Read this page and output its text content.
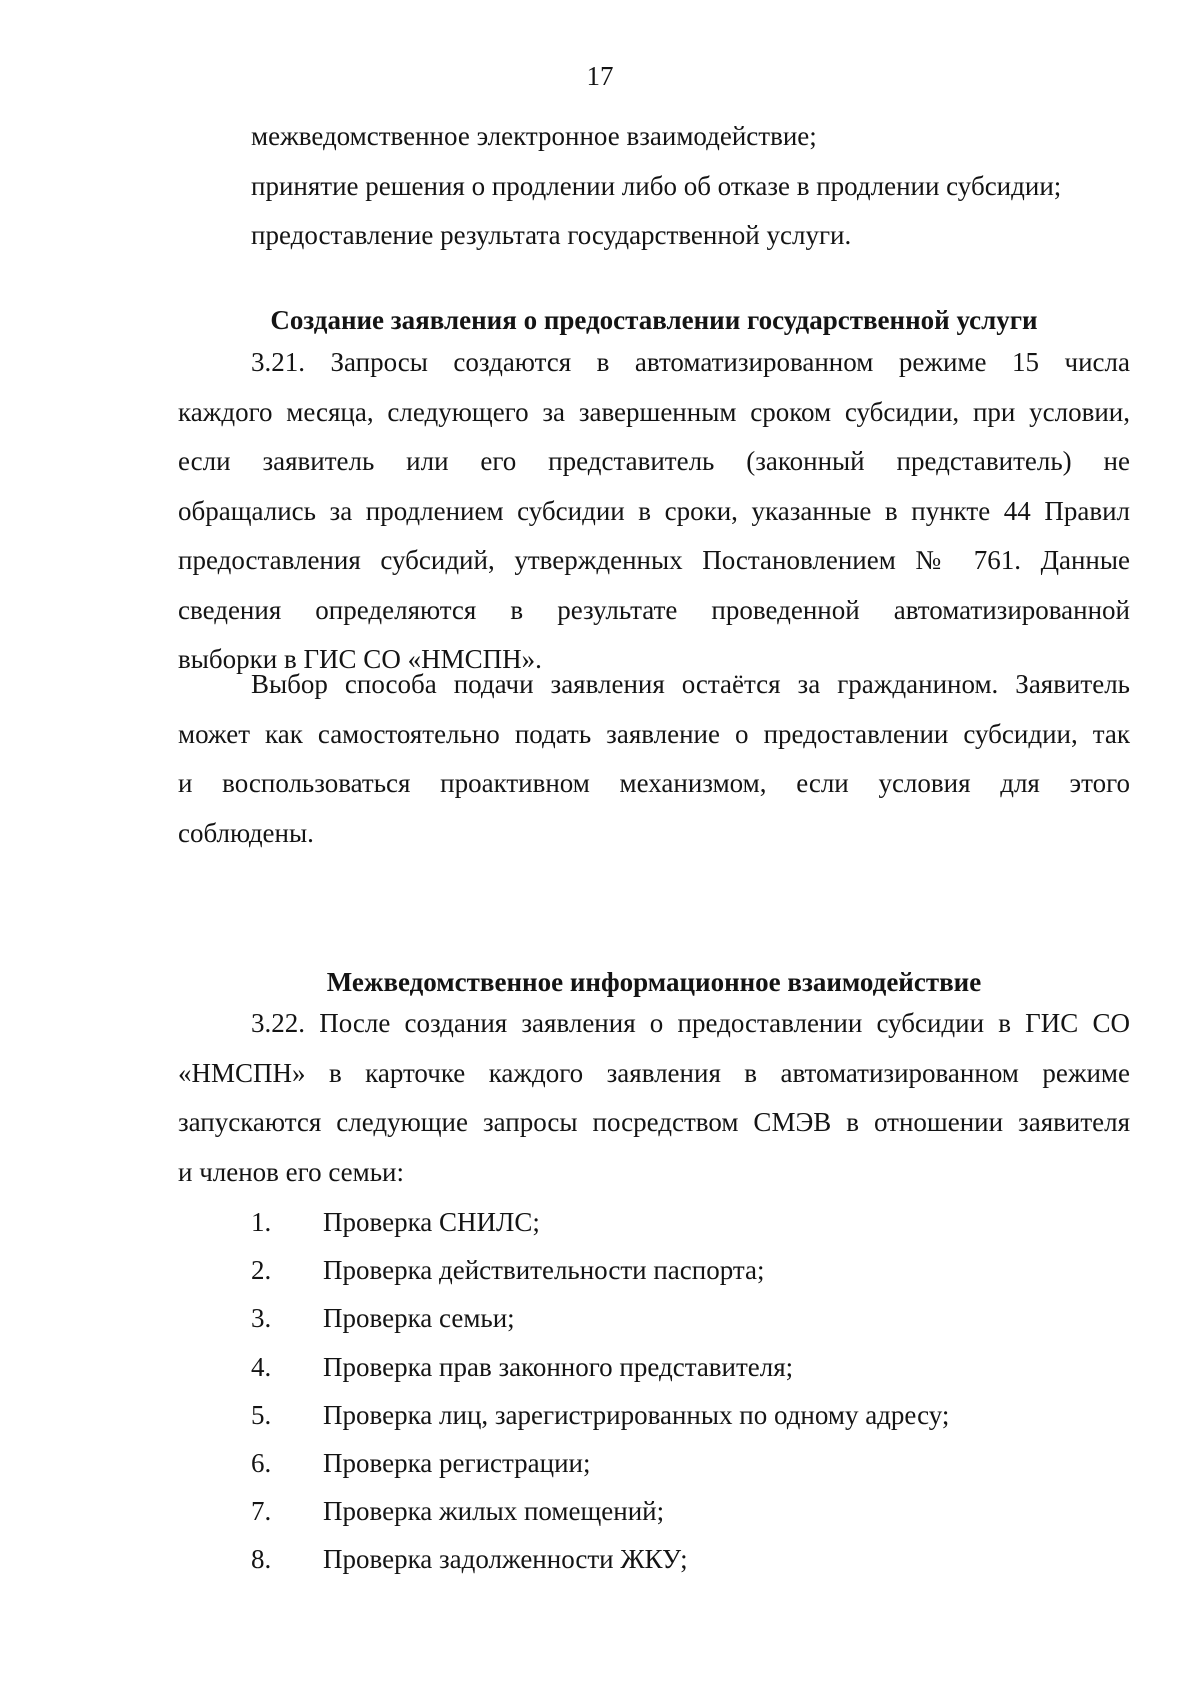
17
межведомственное электронное взаимодействие;
принятие решения о продлении либо об отказе в продлении субсидии;
предоставление результата государственной услуги.
Создание заявления о предоставлении государственной услуги
3.21. Запросы создаются в автоматизированном режиме 15 числа
каждого месяца, следующего за завершенным сроком субсидии, при условии,
если заявитель или его представитель (законный представитель) не
обращались за продлением субсидии в сроки, указанные в пункте 44 Правил
предоставления субсидий, утвержденных Постановлением № 761. Данные
сведения определяются в результате проведенной автоматизированной
выборки в ГИС СО «НМСПН».
Выбор способа подачи заявления остаётся за гражданином. Заявитель
может как самостоятельно подать заявление о предоставлении субсидии, так
и воспользоваться проактивном механизмом, если условия для этого
соблюдены.
Межведомственное информационное взаимодействие
3.22. После создания заявления о предоставлении субсидии в ГИС СО
«НМСПН» в карточке каждого заявления в автоматизированном режиме
запускаются следующие запросы посредством СМЭВ в отношении заявителя
и членов его семьи:
1. Проверка СНИЛС;
2. Проверка действительности паспорта;
3. Проверка семьи;
4. Проверка прав законного представителя;
5. Проверка лиц, зарегистрированных по одному адресу;
6. Проверка регистрации;
7. Проверка жилых помещений;
8. Проверка задолженности ЖКУ;
